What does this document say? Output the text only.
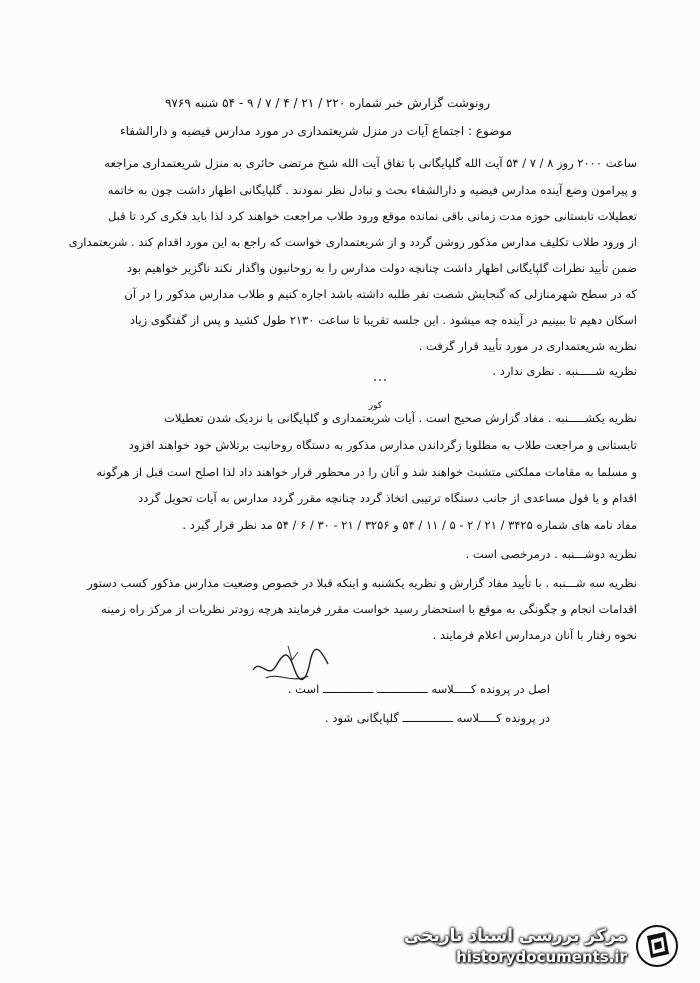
رونوشت گزارش خبر شماره ۲۲۰ / ۲۱ / ۴ / ۷ / ۹ - ۵۴ شنبه ۹۷۶۹
موضوع : اجتماع آیات در منزل شریعتمداری در مورد مدارس فیضیه و دارالشفاء
ساعت ۲۰۰۰ روز ۸ / ۷ / ۵۴ آیت الله گلپایگانی با تفاق آیت الله شیخ مرتضی حائری به منزل شریعتمداری مراجعه
و پیرامون وضع آینده مدارس فیضیه و دارالشفاء بحث و تبادل نظر نمودند . گلپایگانی اظهار داشت چون به خاتمه
تعطیلات تابستانی حوزه مدت زمانی باقی نمانده موقع ورود طلاب مراجعت خواهند کرد لذا باید فکری کرد تا قبل
از ورود طلاب تکلیف مدارس مذکور روشن گردد و از شریعتمداری خواست که راجع به این مورد اقدام کند . شریعتمداری
ضمن تأیید نظرات گلپایگانی اظهار داشت چنانچه دولت مدارس را به روحانیون واگذار نکند ناگزیر خواهیم بود
که در سطح شهرمنازلی که گنجایش شصت نفر طلبه داشته باشد اجاره کنیم و طلاب مدارس مذکور را در آن
اسکان دهیم تا ببینیم در آینده چه میشود . این جلسه تقریبا تا ساعت ۲۱۳۰ طول کشید و پس از گفتگوی زیاد
نظریه شریعتمداری در مورد تأیید قرار گرفت .
نظریه شـــــنبه . نظری ندارد .
کور
نظریه یکشـــــنبه . مفاد گزارش صحیح است . آیات شریعتمداری و گلپایگانی با نزدیک شدن تعطیلات
تابستانی و مراجعت طلاب به مطلوبا زگرداندن مدارس مذکور به دستگاه روحانیت برتلاش خود خواهند افزود
و مسلما به مقامات مملکتی متشبث خواهند شد و آنان را در محظور قرار خواهند داد لذا اصلح است قبل از هرگونه
اقدام و یا قول مساعدی از جانب دستگاه ترتیبی اتخاذ گردد چنانچه مقرر گردد مدارس به آیات تحویل گردد
مفاد نامه های شماره ۳۴۲۵ / ۲۱ / ۲ - ۵ / ۱۱ / ۵۴ و ۳۲۵۶ / ۲۱ - ۳۰ / ۶ / ۵۴ مد نظر قرار گیرد .
نظریه دوشـــنبه . درمرخصی است .
نظریه سه شـــنبه . با تأیید مفاد گزارش و نظریه یکشنبه و اینکه قبلا در خصوص وضعیت مدارس مذکور کسب دستور
اقدامات انجام و چگونگی به موقع با استحضار رسید خواست مقرر فرمایند هرچه زودتر نظریات از مرکز راه زمینه
نحوه رفتار با آنان درمدارس اعلام فرمایند .
اصل در پرونده کـــــلاسه ـــــــــــــــ ـــــــــــــــ است .
در پرونده کـــــلاسه ـــــــــــــــ گلپایگانی شود .
مرکز بررسی اسناد تاریخی
historydocuments.ir
